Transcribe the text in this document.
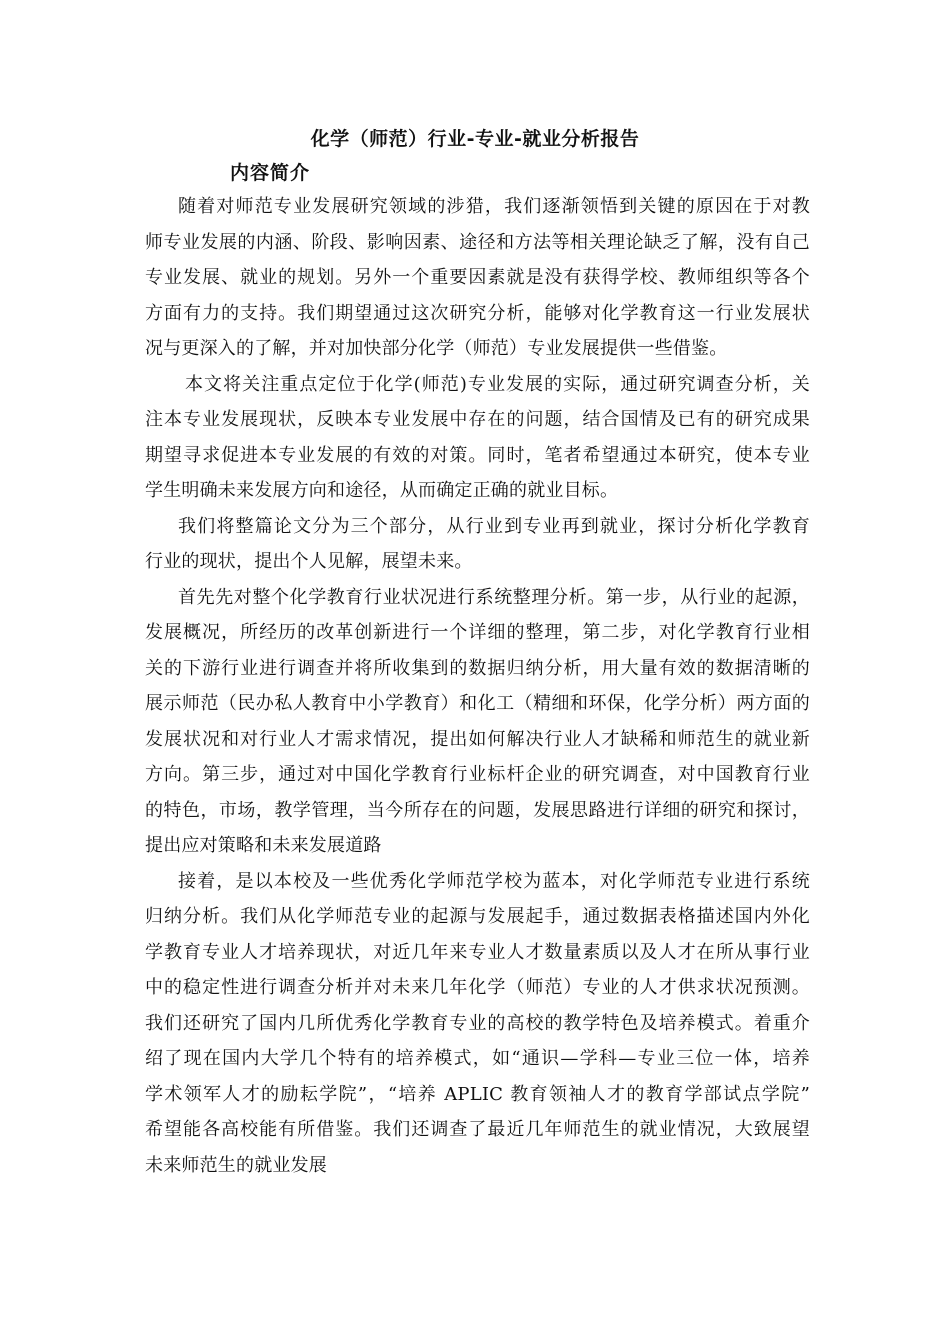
化学（师范）行业-专业-就业分析报告
内容简介
随着对师范专业发展研究领域的涉猎，我们逐渐领悟到关键的原因在于对教
师专业发展的内涵、阶段、影响因素、途径和方法等相关理论缺乏了解，没有自己
专业发展、就业的规划。另外一个重要因素就是没有获得学校、教师组织等各个
方面有力的支持。我们期望通过这次研究分析，能够对化学教育这一行业发展状
况与更深入的了解，并对加快部分化学（师范）专业发展提供一些借鉴。
本文将关注重点定位于化学(师范)专业发展的实际，通过研究调查分析，关
注本专业发展现状，反映本专业发展中存在的问题，结合国情及已有的研究成果
期望寻求促进本专业发展的有效的对策。同时，笔者希望通过本研究，使本专业
学生明确未来发展方向和途径，从而确定正确的就业目标。
我们将整篇论文分为三个部分，从行业到专业再到就业，探讨分析化学教育
行业的现状，提出个人见解，展望未来。
首先先对整个化学教育行业状况进行系统整理分析。第一步，从行业的起源，
发展概况，所经历的改革创新进行一个详细的整理，第二步，对化学教育行业相
关的下游行业进行调查并将所收集到的数据归纳分析，用大量有效的数据清晰的
展示师范（民办私人教育中小学教育）和化工（精细和环保，化学分析）两方面的
发展状况和对行业人才需求情况，提出如何解决行业人才缺稀和师范生的就业新
方向。第三步，通过对中国化学教育行业标杆企业的研究调查，对中国教育行业
的特色，市场，教学管理，当今所存在的问题，发展思路进行详细的研究和探讨，
提出应对策略和未来发展道路
接着，是以本校及一些优秀化学师范学校为蓝本，对化学师范专业进行系统
归纳分析。我们从化学师范专业的起源与发展起手，通过数据表格描述国内外化
学教育专业人才培养现状，对近几年来专业人才数量素质以及人才在所从事行业
中的稳定性进行调查分析并对未来几年化学（师范）专业的人才供求状况预测。
我们还研究了国内几所优秀化学教育专业的高校的教学特色及培养模式。着重介
绍了现在国内大学几个特有的培养模式，如“通识—学科—专业三位一体，培养
学术领军人才的励耘学院”，“培养 APLIC 教育领袖人才的教育学部试点学院”
希望能各高校能有所借鉴。我们还调查了最近几年师范生的就业情况，大致展望
未来师范生的就业发展
